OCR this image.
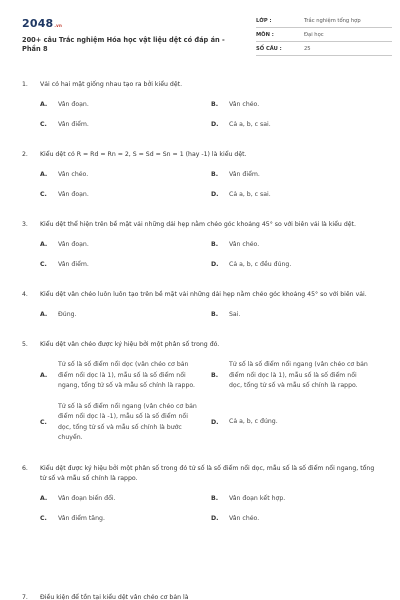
2048.vn
200+ câu Trắc nghiệm Hóa học vật liệu dệt có đáp án - Phần 8
LỚP :	Trắc nghiệm tổng hợp
MÔN :	Đại học
SỐ CÂU :	25
1.	Vải có hai mặt giống nhau tạo ra bởi kiểu dệt.
A.	Vân đoạn.	B.	Vân chéo.
C.	Vân điểm.	D.	Cả a, b, c sai.
2.	Kiểu dệt có R = Rd = Rn = 2, S = Sd = Sn = 1 (hay -1) là kiểu dệt.
A.	Vân chéo.	B.	Vân điểm.
C.	Vân đoạn.	D.	Cả a, b, c sai.
3.	Kiểu dệt thể hiện trên bề mặt vải những dải hẹp nằm chéo góc khoảng 45° so với biên vải là kiểu dệt.
A.	Vân đoạn.	B.	Vân chéo.
C.	Vân điểm.	D.	Cả a, b, c đều đúng.
4.	Kiểu dệt vân chéo luôn luôn tạo trên bề mặt vải những dải hẹp nằm chéo góc khoảng 45° so với biên vải.
A.	Đúng.	B.	Sai.
5.	Kiểu dệt vân chéo được ký hiệu bởi một phân số trong đó.
A.
Tử số là số điểm nổi dọc (vân chéo cơ bản điểm nổi dọc là 1), mẫu số là số điểm nổi ngang, tổng tử số và mẫu số chính là rappo.
B.
Tử số là số điểm nổi ngang (vân chéo cơ bản điểm nổi dọc là 1), mẫu số là số điểm nổi dọc, tổng tử số và mẫu số chính là rappo.
C.
Tử số là số điểm nổi ngang (vân chéo cơ bản điểm nổi dọc là -1), mẫu số là số điểm nổi dọc, tổng tử số và mẫu số chính là bước chuyển.
D.	Cả a, b, c đúng.
6.	Kiểu dệt được ký hiệu bởi một phân số trong đó tử số là số điểm nổi dọc, mẫu số là số điểm nổi ngang, tổng tử số và mẫu số chính là rappo.
A.	Vân đoạn biến đổi.	B.	Vân đoạn kết hợp.
C.	Vân điểm tăng.	D.	Vân chéo.
7.	Điều kiện để tồn tại kiểu dệt vân chéo cơ bản là
